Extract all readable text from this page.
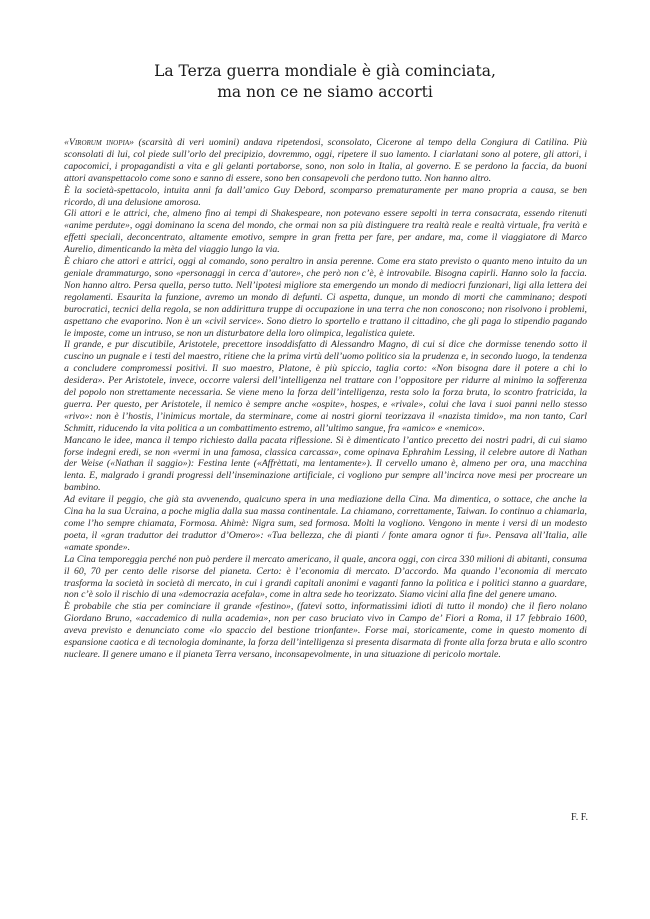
La Terza guerra mondiale è già cominciata,
ma non ce ne siamo accorti

«Virorum inopia» (scarsità di veri uomini) andava ripetendosi, sconsolato, Cicerone al tempo della Congiura di Catilina. Più sconsolati di lui, col piede sull’orlo del precipizio, dovremmo, oggi, ripetere il suo lamento. I ciarlatani sono al potere, gli attori, i capocomici, i propagandisti a vita e gli gelanti portaborse, sono, non solo in Italia, al governo. E se perdono la faccia, da buoni attori avanspettacolo come sono e sanno di essere, sono ben consapevoli che perdono tutto. Non hanno altro.

È la società-spettacolo, intuita anni fa dall’amico Guy Debord, scomparso prematuramente per mano propria a causa, se ben ricordo, di una delusione amorosa.

Gli attori e le attrici, che, almeno fino ai tempi di Shakespeare, non potevano essere sepolti in terra consacrata, essendo ritenuti «anime perdute», oggi dominano la scena del mondo, che ormai non sa più distinguere tra realtà reale e realtà virtuale, fra verità e effetti speciali, deconcentrato, altamente emotivo, sempre in gran fretta per fare, per andare, ma, come il viaggiatore di Marco Aurelio, dimenticando la mèta del viaggio lungo la via.

È chiaro che attori e attrici, oggi al comando, sono peraltro in ansia perenne. Come era stato previsto o quanto meno intuito da un geniale drammaturgo, sono «personaggi in cerca d’autore», che però non c’è, è introvabile. Bisogna capirli. Hanno solo la faccia. Non hanno altro. Persa quella, perso tutto. Nell’ipotesi migliore sta emergendo un mondo di mediocri funzionari, ligi alla lettera dei regolamenti. Esaurita la funzione, avremo un mondo di defunti. Ci aspetta, dunque, un mondo di morti che camminano; despoti burocratici, tecnici della regola, se non addirittura truppe di occupazione in una terra che non conoscono; non risolvono i problemi, aspettano che evaporino. Non è un «civil service». Sono dietro lo sportello e trattano il cittadino, che gli paga lo stipendio pagando le imposte, come un intruso, se non un disturbatore della loro olimpica, legalistica quiete.

Il grande, e pur discutibile, Aristotele, precettore insoddisfatto di Alessandro Magno, di cui si dice che dormisse tenendo sotto il cuscino un pugnale e i testi del maestro, ritiene che la prima virtù dell’uomo politico sia la prudenza e, in secondo luogo, la tendenza a concludere compromessi positivi. Il suo maestro, Platone, è più spiccio, taglia corto: «Non bisogna dare il potere a chi lo desidera». Per Aristotele, invece, occorre valersi dell’intelligenza nel trattare con l’oppositore per ridurre al minimo la sofferenza del popolo non strettamente necessaria. Se viene meno la forza dell’intelligenza, resta solo la forza bruta, lo scontro fratricida, la guerra. Per questo, per Aristotele, il nemico è sempre anche «ospite», hospes, e «rivale», colui che lava i suoi panni nello stesso «rivo»: non è l’hostis, l’inimicus mortale, da sterminare, come ai nostri giorni teorizzava il «nazista timido», ma non tanto, Carl Schmitt, riducendo la vita politica a un combattimento estremo, all’ultimo sangue, fra «amico» e «nemico».

Mancano le idee, manca il tempo richiesto dalla pacata riflessione. Si è dimenticato l’antico precetto dei nostri padri, di cui siamo forse indegni eredi, se non «vermi in una famosa, classica carcassa», come opinava Ephrahim Lessing, il celebre autore di Nathan der Weise («Nathan il saggio»): Festina lente («Affrèttati, ma lentamente»). Il cervello umano è, almeno per ora, una macchina lenta. E, malgrado i grandi progressi dell’inseminazione artificiale, ci vogliono pur sempre all’incirca nove mesi per procreare un bambino.

Ad evitare il peggio, che già sta avvenendo, qualcuno spera in una mediazione della Cina. Ma dimentica, o sottace, che anche la Cina ha la sua Ucraina, a poche miglia dalla sua massa continentale. La chiamano, correttamente, Taiwan. Io continuo a chiamarla, come l’ho sempre chiamata, Formosa. Ahimè: Nigra sum, sed formosa. Molti la vogliono. Vengono in mente i versi di un modesto poeta, il «gran traduttor dei traduttor d’Omero»: «Tua bellezza, che di pianti / fonte amara ognor ti fu». Pensava all’Italia, alle «amate sponde».

La Cina temporeggia perché non può perdere il mercato americano, il quale, ancora oggi, con circa 330 milioni di abitanti, consuma il 60, 70 per cento delle risorse del pianeta. Certo: è l’economia di mercato. D’accordo. Ma quando l’economia di mercato trasforma la società in società di mercato, in cui i grandi capitali anonimi e vaganti fanno la politica e i politici stanno a guardare, non c’è solo il rischio di una «democrazia acefala», come in altra sede ho teorizzato. Siamo vicini alla fine del genere umano.

È probabile che stia per cominciare il grande «festino», (fatevi sotto, informatissimi idioti di tutto il mondo) che il fiero nolano Giordano Bruno, «accademico di nulla academia», non per caso bruciato vivo in Campo de’ Fiori a Roma, il 17 febbraio 1600, aveva previsto e denunciato come «lo spaccio del bestione trionfante». Forse mai, storicamente, come in questo momento di espansione caotica e di tecnologia dominante, la forza dell’intelligenza si presenta disarmata di fronte alla forza bruta e allo scontro nucleare. Il genere umano e il pianeta Terra versano, inconsapevolmente, in una situazione di pericolo mortale.

F. F.
